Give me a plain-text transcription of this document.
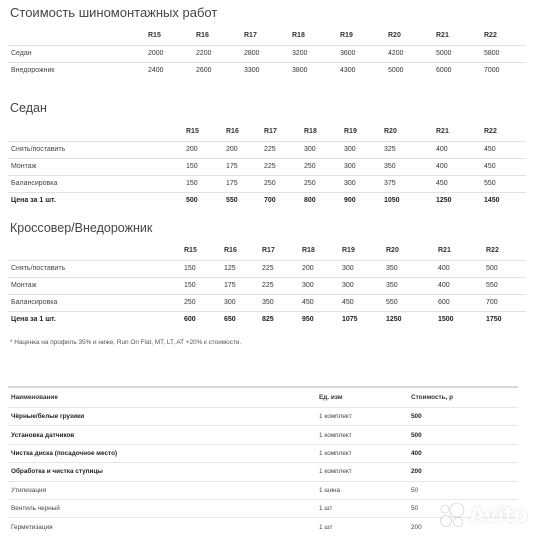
Стоимость шиномонтажных работ
	R15	R16	R17	R18	R19	R20	R21	R22
Седан	2000	2200	2800	3200	3600	4200	5000	5800
Внедорожник	2400	2600	3300	3800	4300	5000	6000	7000
Седан
	R15	R16	R17	R18	R19	R20	R21	R22
Снять/поставить	200	200	225	300	300	325	400	450
Монтаж	150	175	225	250	300	350	400	450
Балансировка	150	175	250	250	300	375	450	550
Цена за 1 шт.	500	550	700	800	900	1050	1250	1450
Кроссовер/Внедорожник
	R15	R16	R17	R18	R19	R20	R21	R22
Снять/поставить	150	125	225	200	300	350	400	500
Монтаж	150	175	225	300	300	350	400	550
Балансировка	250	300	350	450	450	550	600	700
Цена за 1 шт.	600	650	825	950	1075	1250	1500	1750
* Наценка на профиль 35% и ниже, Run On Flat, MT, LT, AT +20% к стоимости.
Наименование	Ед. изм	Стоимость, р
Чёрные/белые грузики	1 комплект	500
Установка датчиков	1 комплект	500
Чистка диска (посадочное место)	1 комплект	400
Обработка и чистка ступицы	1 комплект	200
Утилизация	1 шина	50
Вентиль черный	1 шт	50
Герметизация	1 шт	200
Avito
